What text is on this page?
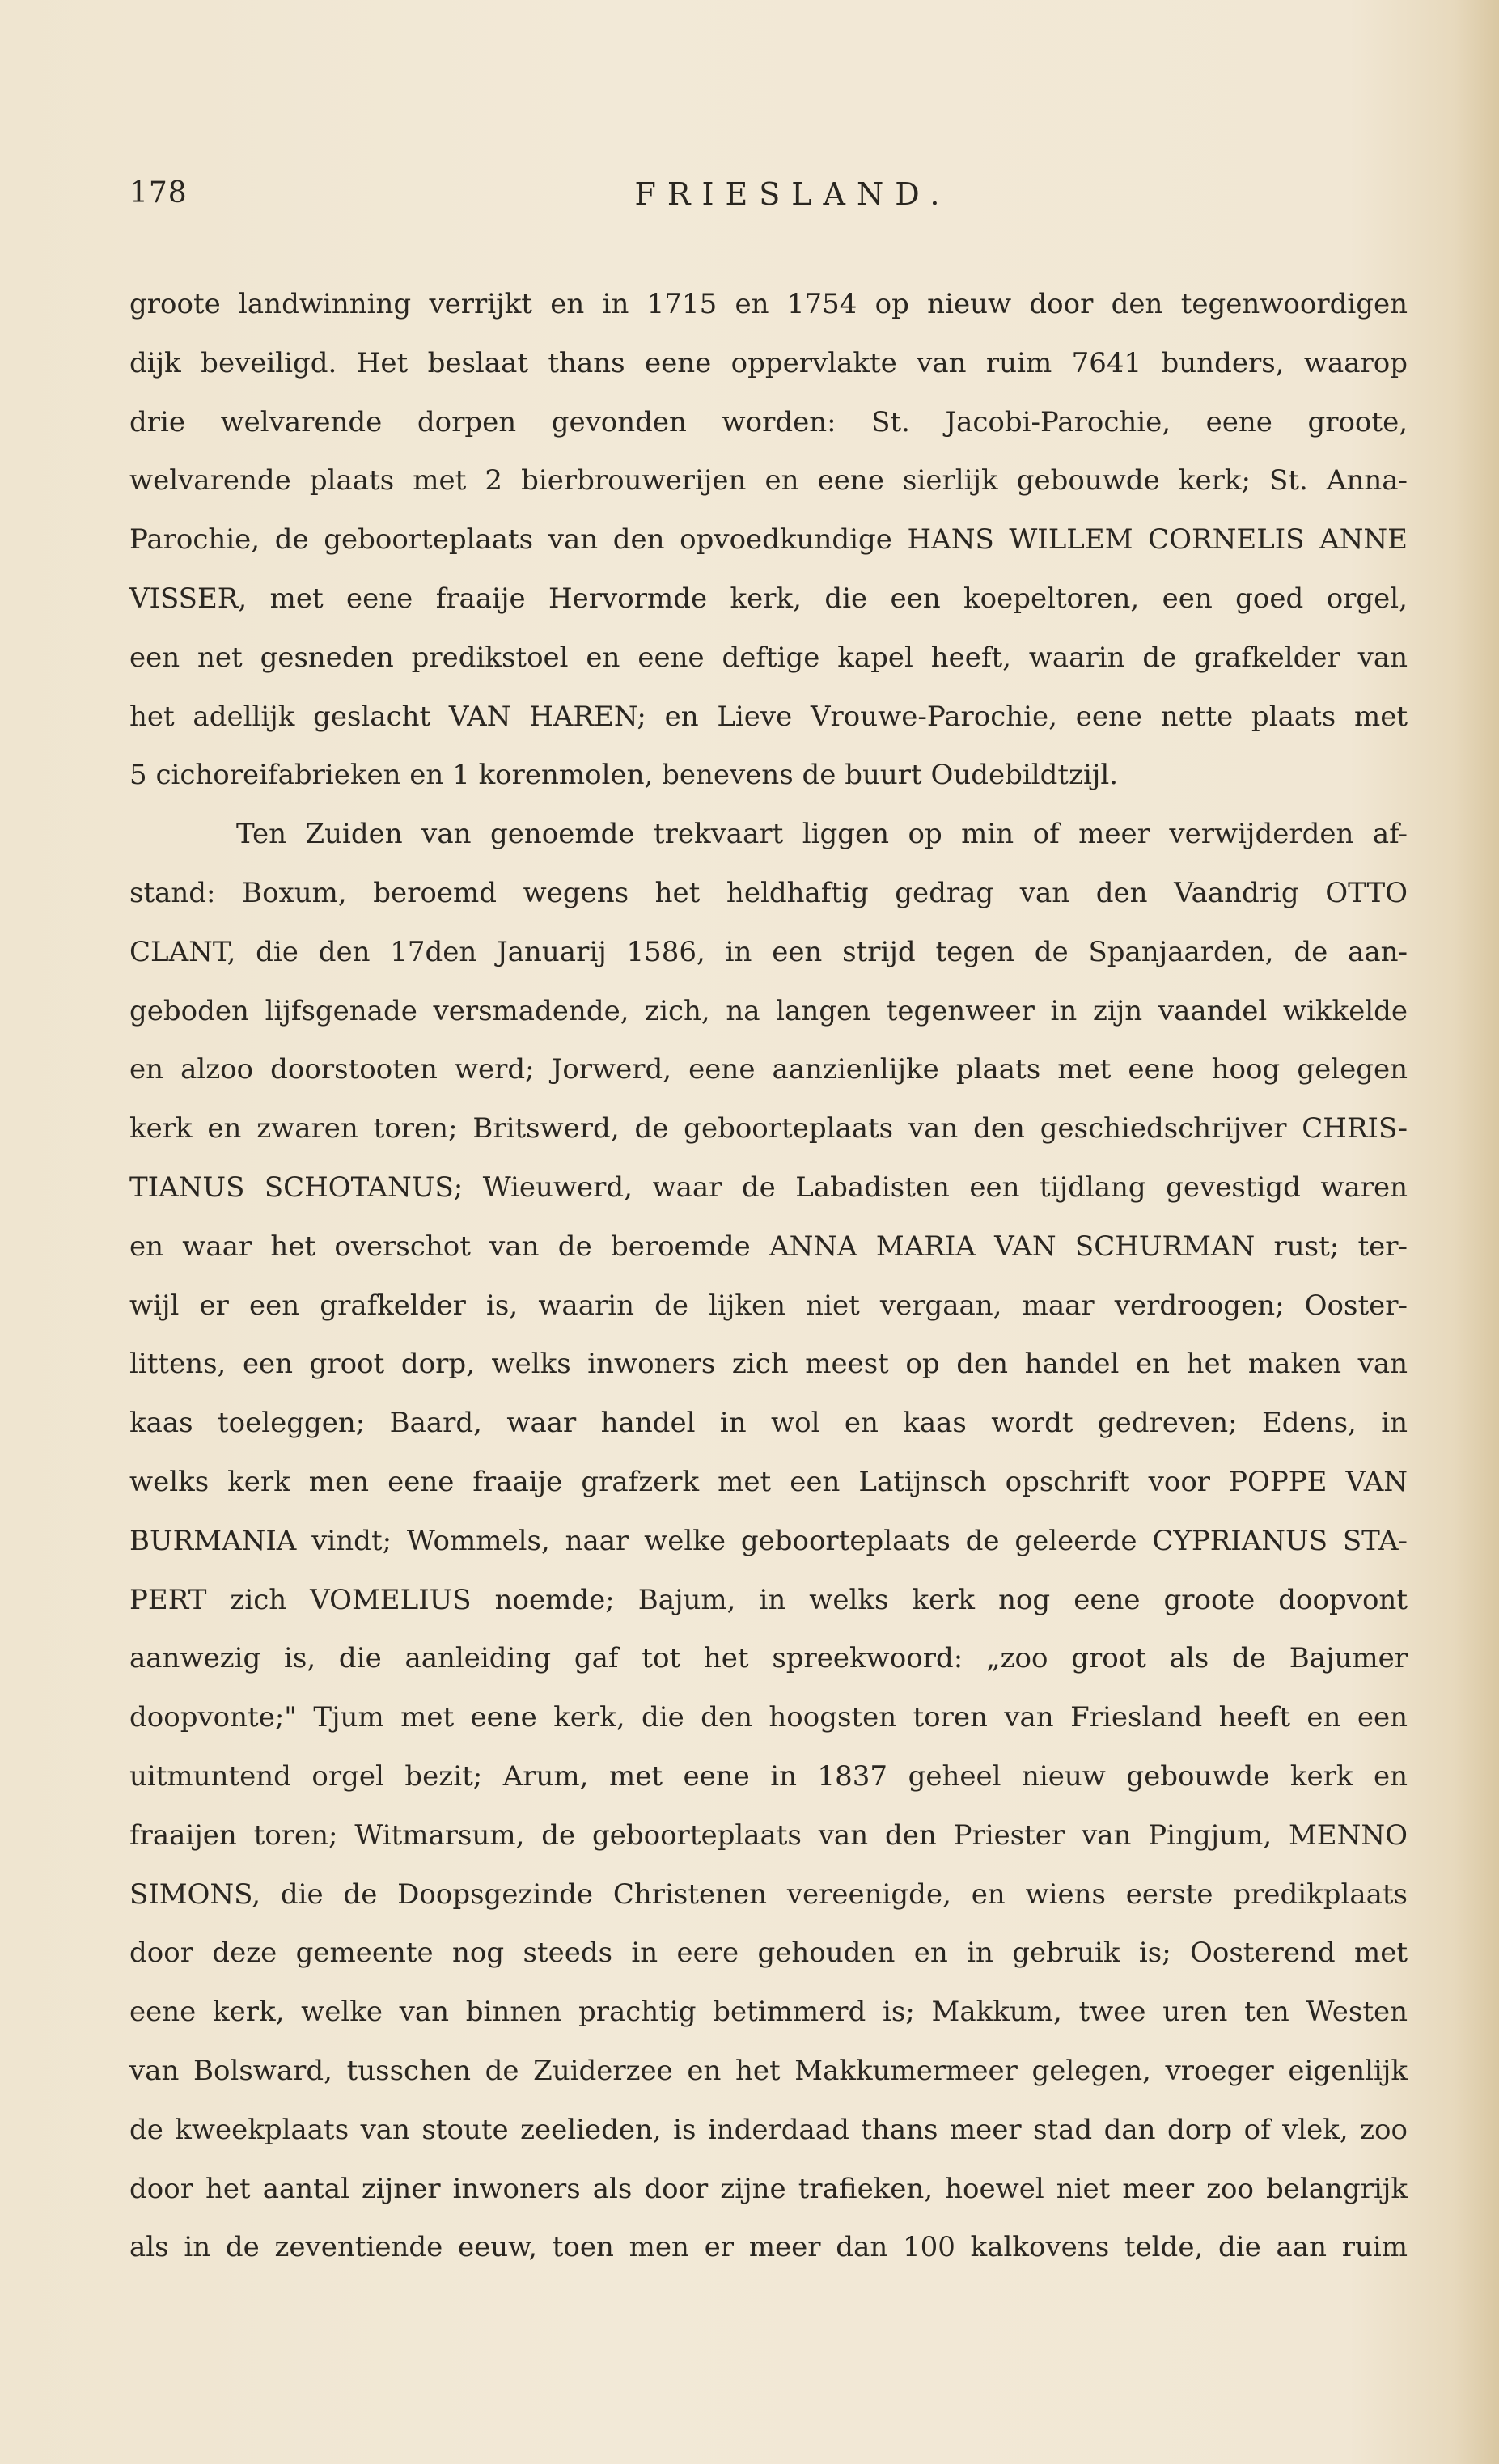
178	FRIESLAND.
groote landwinning verrijkt en in 1715 en 1754 op nieuw door den tegenwoordigen
dijk beveiligd. Het beslaat thans eene oppervlakte van ruim 7641 bunders, waarop
drie welvarende dorpen gevonden worden: St. Jacobi-Parochie, eene groote,
welvarende plaats met 2 bierbrouwerijen en eene sierlijk gebouwde kerk; St. Anna-
Parochie, de geboorteplaats van den opvoedkundige HANS WILLEM CORNELIS ANNE
VISSER, met eene fraaije Hervormde kerk, die een koepeltoren, een goed orgel,
een net gesneden predikstoel en eene deftige kapel heeft, waarin de grafkelder van
het adellijk geslacht VAN HAREN; en Lieve Vrouwe-Parochie, eene nette plaats met
5 cichoreifabrieken en 1 korenmolen, benevens de buurt Oudebildtzijl.
Ten Zuiden van genoemde trekvaart liggen op min of meer verwijderden af-
stand: Boxum, beroemd wegens het heldhaftig gedrag van den Vaandrig OTTO
CLANT, die den 17den Januarij 1586, in een strijd tegen de Spanjaarden, de aan-
geboden lijfsgenade versmadende, zich, na langen tegenweer in zijn vaandel wikkelde
en alzoo doorstooten werd; Jorwerd, eene aanzienlijke plaats met eene hoog gelegen
kerk en zwaren toren; Britswerd, de geboorteplaats van den geschiedschrijver CHRIS-
TIANUS SCHOTANUS; Wieuwerd, waar de Labadisten een tijdlang gevestigd waren
en waar het overschot van de beroemde ANNA MARIA VAN SCHURMAN rust; ter-
wijl er een grafkelder is, waarin de lijken niet vergaan, maar verdroogen; Ooster-
littens, een groot dorp, welks inwoners zich meest op den handel en het maken van
kaas toeleggen; Baard, waar handel in wol en kaas wordt gedreven; Edens, in
welks kerk men eene fraaije grafzerk met een Latijnsch opschrift voor POPPE VAN
BURMANIA vindt; Wommels, naar welke geboorteplaats de geleerde CYPRIANUS STA-
PERT zich VOMELIUS noemde; Bajum, in welks kerk nog eene groote doopvont
aanwezig is, die aanleiding gaf tot het spreekwoord: „zoo groot als de Bajumer
doopvonte;" Tjum met eene kerk, die den hoogsten toren van Friesland heeft en een
uitmuntend orgel bezit; Arum, met eene in 1837 geheel nieuw gebouwde kerk en
fraaijen toren; Witmarsum, de geboorteplaats van den Priester van Pingjum, MENNO
SIMONS, die de Doopsgezinde Christenen vereenigde, en wiens eerste predikplaats
door deze gemeente nog steeds in eere gehouden en in gebruik is; Oosterend met
eene kerk, welke van binnen prachtig betimmerd is; Makkum, twee uren ten Westen
van Bolsward, tusschen de Zuiderzee en het Makkumermeer gelegen, vroeger eigenlijk
de kweekplaats van stoute zeelieden, is inderdaad thans meer stad dan dorp of vlek, zoo
door het aantal zijner inwoners als door zijne trafieken, hoewel niet meer zoo belangrijk
als in de zeventiende eeuw, toen men er meer dan 100 kalkovens telde, die aan ruim
